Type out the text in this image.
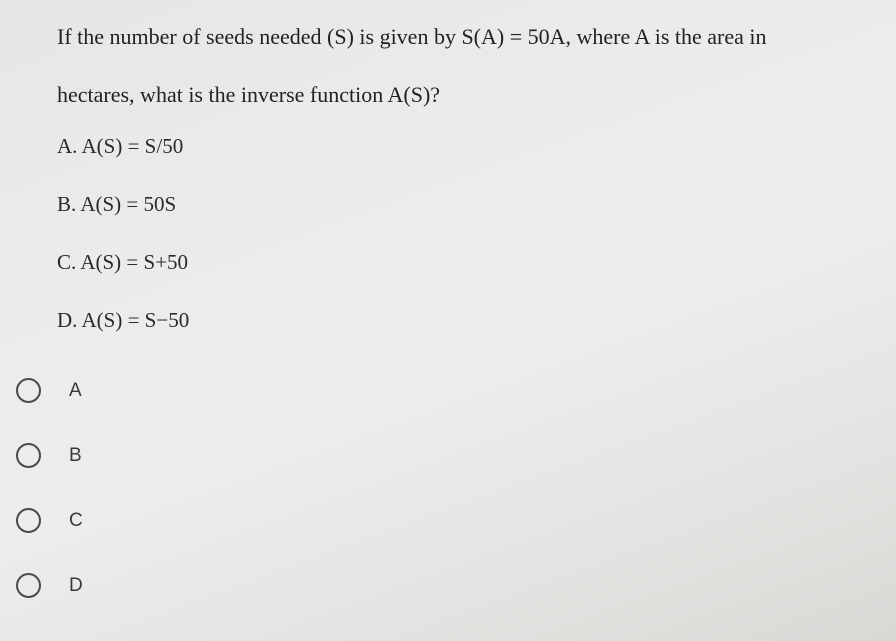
If the number of seeds needed (S) is given by S(A) = 50A, where A is the area in
hectares, what is the inverse function A(S)?
A. A(S) = S/50
B. A(S) = 50S
C. A(S) = S+50
D. A(S) = S−50
A
B
C
D
